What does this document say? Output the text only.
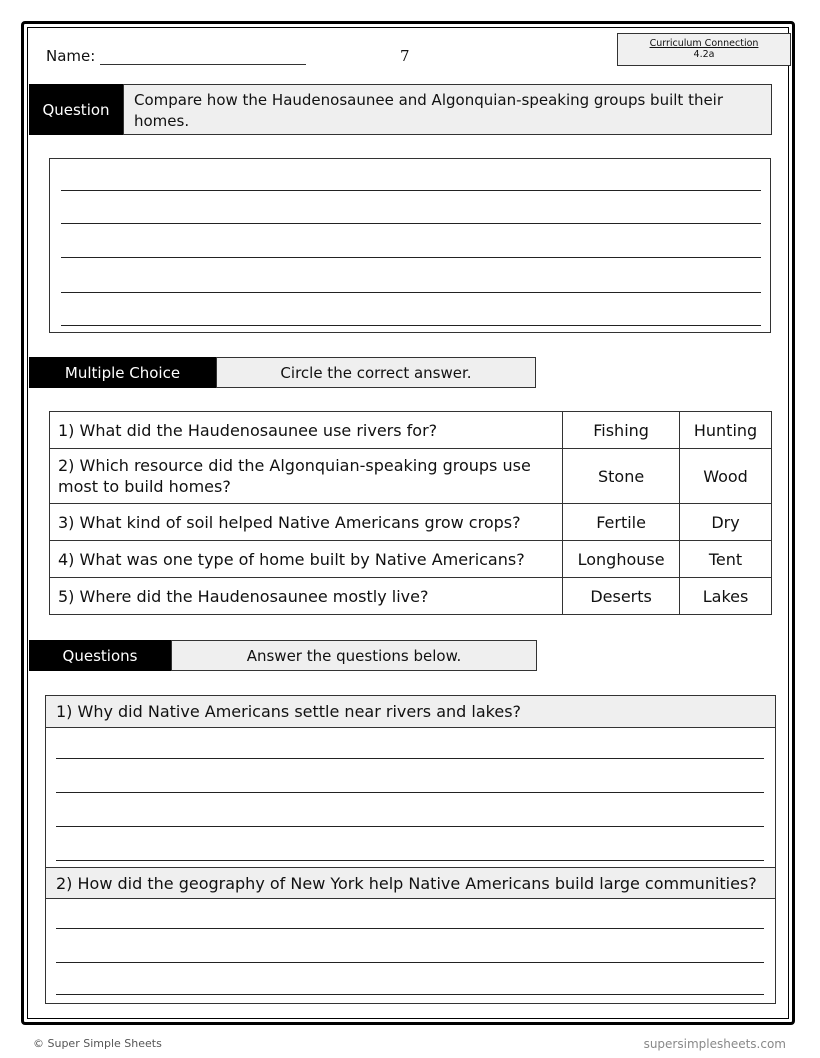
Name:	7
Curriculum Connection
4.2a
Question
Compare how the Haudenosaunee and Algonquian-speaking groups built their homes.
Multiple Choice	Circle the correct answer.
1) What did the Haudenosaunee use rivers for?	Fishing	Hunting
2) Which resource did the Algonquian-speaking groups use most to build homes?	Stone	Wood
3) What kind of soil helped Native Americans grow crops?	Fertile	Dry
4) What was one type of home built by Native Americans?	Longhouse	Tent
5) Where did the Haudenosaunee mostly live?	Deserts	Lakes
Questions	Answer the questions below.
1) Why did Native Americans settle near rivers and lakes?
2) How did the geography of New York help Native Americans build large communities?
© Super Simple Sheets	supersimplesheets.com
